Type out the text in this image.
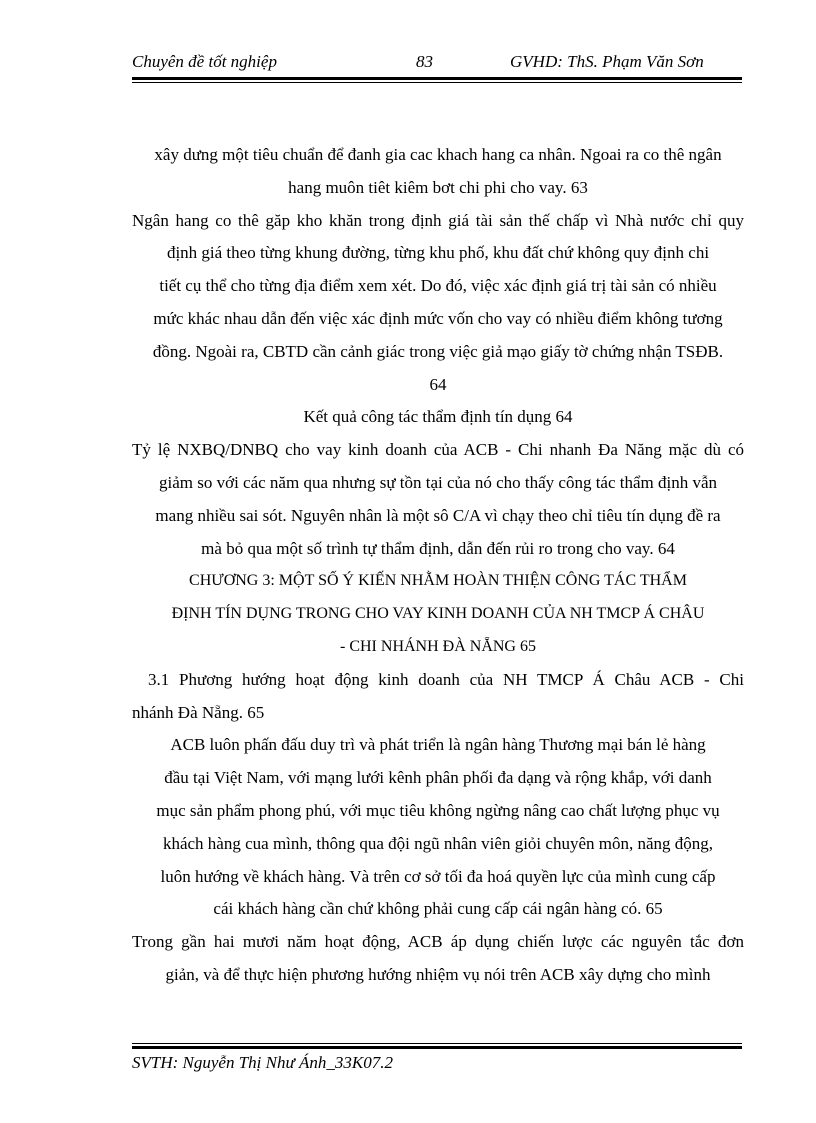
Chuyên đề tốt nghiệp	83	GVHD: ThS. Phạm Văn Sơn
xây dưng một tiêu chuẩn để đanh gia cac khach hang ca nhân. Ngoai ra co thê ngân
hang muôn tiêt kiêm bơt chi phi cho vay. 63
Ngân hang co thê găp kho khăn trong định giá tài sản thế chấp vì Nhà nước chỉ quy
định giá theo từng khung đường, từng khu phố, khu đất chứ không quy định chi
tiết cụ thể cho từng địa điểm xem xét. Do đó, việc xác định giá trị tài sản có nhiều
mức khác nhau dẫn đến việc xác định mức vốn cho vay có nhiều điểm không tương
đồng. Ngoài ra, CBTD cần cảnh giác trong việc giả mạo giấy tờ chứng nhận TSĐB.
64
Kết quả công tác thẩm định tín dụng 64
Tỷ lệ NXBQ/DNBQ cho vay kinh doanh của ACB - Chi nhanh Đa Năng mặc dù có
giảm so với các năm qua nhưng sự tồn tại của nó cho thấy công tác thẩm định vẫn
mang nhiều sai sót. Nguyên nhân là một sô C/A vì chạy theo chỉ tiêu tín dụng đề ra
mà bỏ qua một số trình tự thẩm định, dẫn đến rủi ro trong cho vay. 64
CHƯƠNG 3: MỘT SỐ Ý KIẾN NHẰM HOÀN THIỆN CÔNG TÁC THẨM
ĐỊNH TÍN DỤNG TRONG CHO VAY KINH DOANH CỦA NH TMCP Á CHÂU
- CHI NHÁNH ĐÀ NẴNG 65
3.1 Phương hướng hoạt động kinh doanh của NH TMCP Á Châu ACB - Chi
nhánh Đà Nẵng. 65
ACB luôn phấn đấu duy trì và phát triển là ngân hàng Thương mại bán lẻ hàng
đầu tại Việt Nam, với mạng lưới kênh phân phối đa dạng và rộng khắp, với danh
mục sản phẩm phong phú, với mục tiêu không ngừng nâng cao chất lượng phục vụ
khách hàng cua mình, thông qua đội ngũ nhân viên giỏi chuyên môn, năng động,
luôn hướng về khách hàng. Và trên cơ sở tối đa hoá quyền lực của mình cung cấp
cái khách hàng cần chứ không phải cung cấp cái ngân hàng có. 65
Trong gần hai mươi năm hoạt động, ACB áp dụng chiến lược các nguyên tắc đơn
giản, và để thực hiện phương hướng nhiệm vụ nói trên ACB xây dựng cho mình
SVTH: Nguyễn Thị Như Ánh_33K07.2
